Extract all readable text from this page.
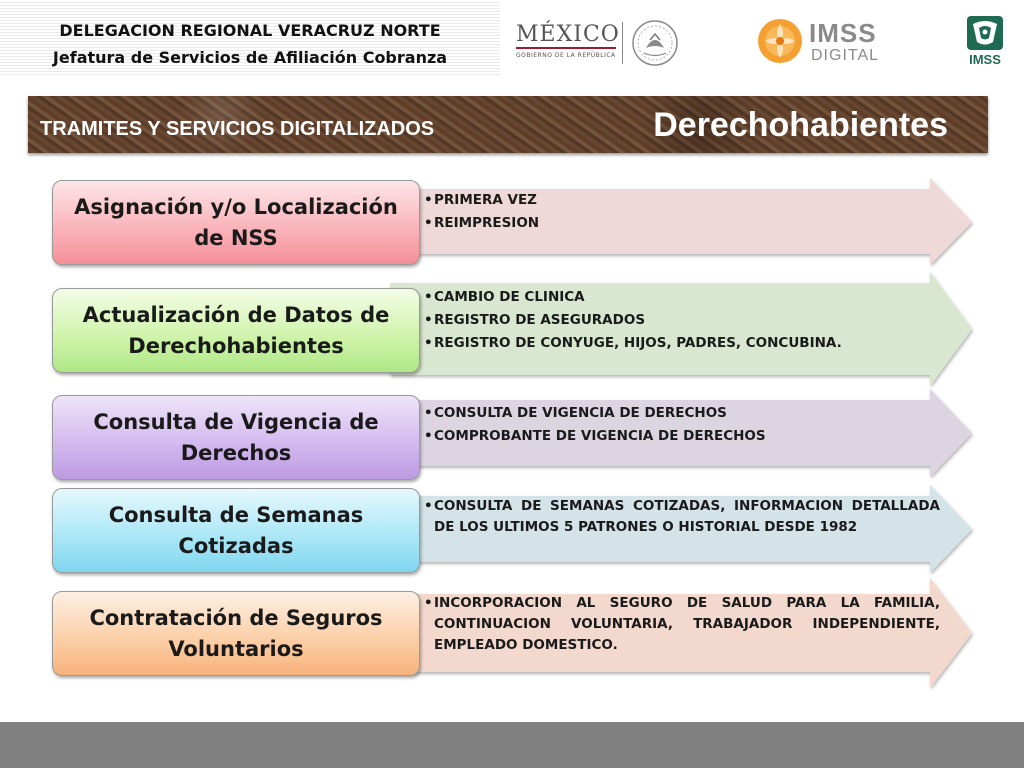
DELEGACION REGIONAL VERACRUZ NORTE
Jefatura de Servicios de Afiliación Cobranza
MÉXICO
GOBIERNO DE LA REPÚBLICA
IMSS
DIGITAL	IMSS
TRAMITES Y SERVICIOS DIGITALIZADOS	Derechohabientes
Asignación y/o Localización de NSS
Actualización de Datos de Derechohabientes
Consulta de Vigencia de Derechos
Consulta de Semanas Cotizadas
Contratación de Seguros Voluntarios
• PRIMERA VEZ
• REIMPRESION
• CAMBIO DE CLINICA
• REGISTRO DE ASEGURADOS
• REGISTRO DE CONYUGE, HIJOS, PADRES, CONCUBINA.
• CONSULTA DE VIGENCIA DE DERECHOS
• COMPROBANTE DE VIGENCIA DE DERECHOS
• CONSULTA DE SEMANAS COTIZADAS, INFORMACION DETALLADA DE LOS ULTIMOS 5 PATRONES O HISTORIAL DESDE 1982
• INCORPORACION AL SEGURO DE SALUD PARA LA FAMILIA, CONTINUACION VOLUNTARIA, TRABAJADOR INDEPENDIENTE, EMPLEADO DOMESTICO.
